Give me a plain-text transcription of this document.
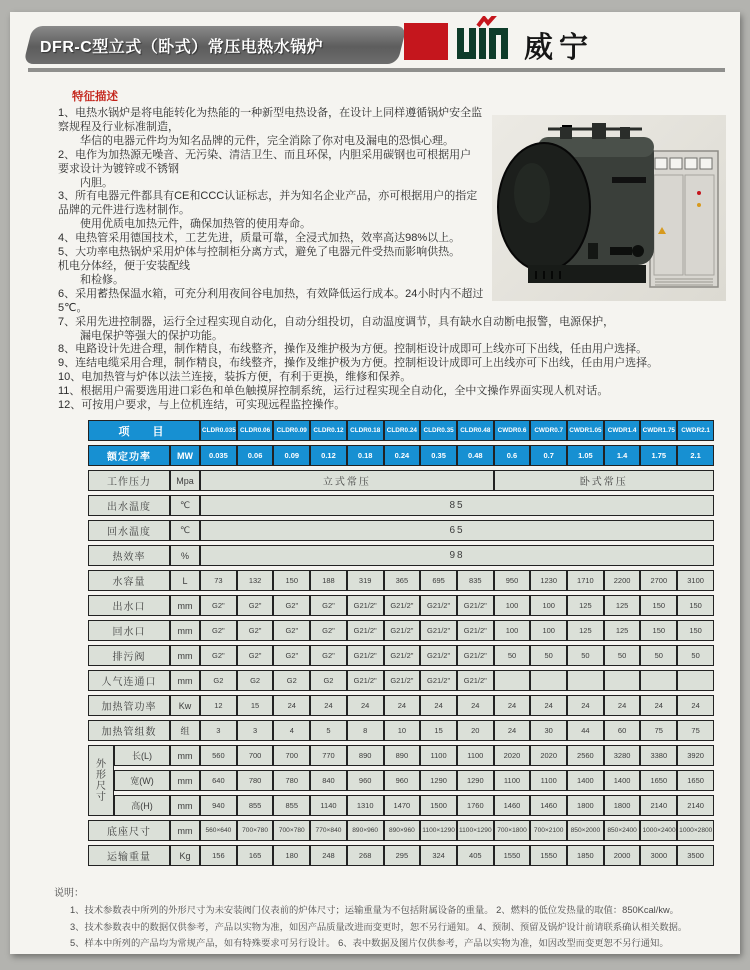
DFR-C型立式（卧式）常压电热水锅炉	威宁
特征描述
1、电热水锅炉是将电能转化为热能的一种新型电热设备，在设计上同样遵循锅炉安全监察规程及行业标准制造，
华信的电器元件均为知名品牌的元件，完全消除了你对电及漏电的恐惧心理。
2、电作为加热源无噪音、无污染、清洁卫生、而且环保，内胆采用碳钢也可根据用户
要求设计为镀锌或不锈钢
内胆。
3、所有电器元件都具有CE和CCC认证标志，并为知名企业产品，亦可根据用户的指定
品牌的元件进行选材制作。
使用优质电加热元件，确保加热管的使用寿命。
4、电热管采用德国技术，工艺先进，质量可靠，全浸式加热，效率高达98%以上。
5、大功率电热锅炉采用炉体与控制柜分离方式，避免了电器元件受热而影响供热。
机电分体经，便于安装配线
和检修。
6、采用蓄热保温水箱，可充分利用夜间谷电加热，有效降低运行成本。24小时内不超过5℃。
7、采用先进控制器，运行全过程实现自动化，自动分组投切，自动温度调节，具有缺水自动断电报警，电源保护，
漏电保护等强大的保护功能。
8、电路设计先进合理，制作精良，布线整齐，操作及维护极为方便。控制柜设计成即可上线亦可下出线，任由用户选择。
9、连结电缆采用合理，制作精良，布线整齐，操作及维护极为方便。控制柜设计成即可上出线亦可下出线，任由用户选择。
10、电加热管与炉体以法兰连接，装拆方便，有利于更换，维修和保养。
11、根据用户需要选用进口彩色和单色触摸屏控制系统，运行过程实现全自动化，全中文操作界面实现人机对话。
12、可按用户要求，与上位机连结，可实现远程监控操作。
项　目			CLDR0.035	CLDR0.06	CLDR0.09	CLDR0.12	CLDR0.18	CLDR0.24	CLDR0.35	CLDR0.48	CWDR0.6	CWDR0.7	CWDR1.05	CWDR1.4	CWDR1.75	CWDR2.1
额定功率		MW	0.035	0.06	0.09	0.12	0.18	0.24	0.35	0.48	0.6	0.7	1.05	1.4	1.75	2.1
工作压力		Mpa	立式常压								卧式常压					
出水温度		℃	85													
回水温度		℃	65													
热效率		%	98													
水容量		L	73	132	150	188	319	365	695	835	950	1230	1710	2200	2700	3100
出水口		mm	G2"	G2"	G2"	G2"	G21/2"	G21/2"	G21/2"	G21/2"	100	100	125	125	150	150
回水口		mm	G2"	G2"	G2"	G2"	G21/2"	G21/2"	G21/2"	G21/2"	100	100	125	125	150	150
排污阀		mm	G2"	G2"	G2"	G2"	G21/2"	G21/2"	G21/2"	G21/2"	50	50	50	50	50	50
人气连通口		mm	G2	G2	G2	G2	G21/2"	G21/2"	G21/2"	G21/2"						
加热管功率		Kw	12	15	24	24	24	24	24	24	24	24	24	24	24	24
加热管组数		组	3	3	4	5	8	10	15	20	24	30	44	60	75	75
外
形
尺
寸	长(L)	mm	560	700	700	770	890	890	1100	1100	2020	2020	2560	3280	3380	3920
	宽(W)	mm	640	780	780	840	960	960	1290	1290	1100	1100	1400	1400	1650	1650
	高(H)	mm	940	855	855	1140	1310	1470	1500	1760	1460	1460	1800	1800	2140	2140
底座尺寸		mm	560×640	700×780	700×780	770×840	890×960	890×960	1100×1290	1100×1290	700×1800	700×2100	850×2000	850×2400	1000×2400	1000×2800
运输重量		Kg	156	165	180	248	268	295	324	405	1550	1550	1850	2000	3000	3500
说明：
1、技术参数表中所列的外形尺寸为未安装阀门仪表前的炉体尺寸；运输重量为不包括附属设备的重量。 2、燃料的低位发热量的取值：850Kcal/kw。
3、技术参数表中的数据仅供参考，产品以实物为准，如因产品质量改进而变更时，恕不另行通知。 4、预制、预留及锅炉设计前请联系确认相关数据。
5、样本中所列的产品均为常规产品，如有特殊要求可另行设计。 6、表中数据及图片仅供参考，产品以实物为准，如因改型而变更恕不另行通知。
